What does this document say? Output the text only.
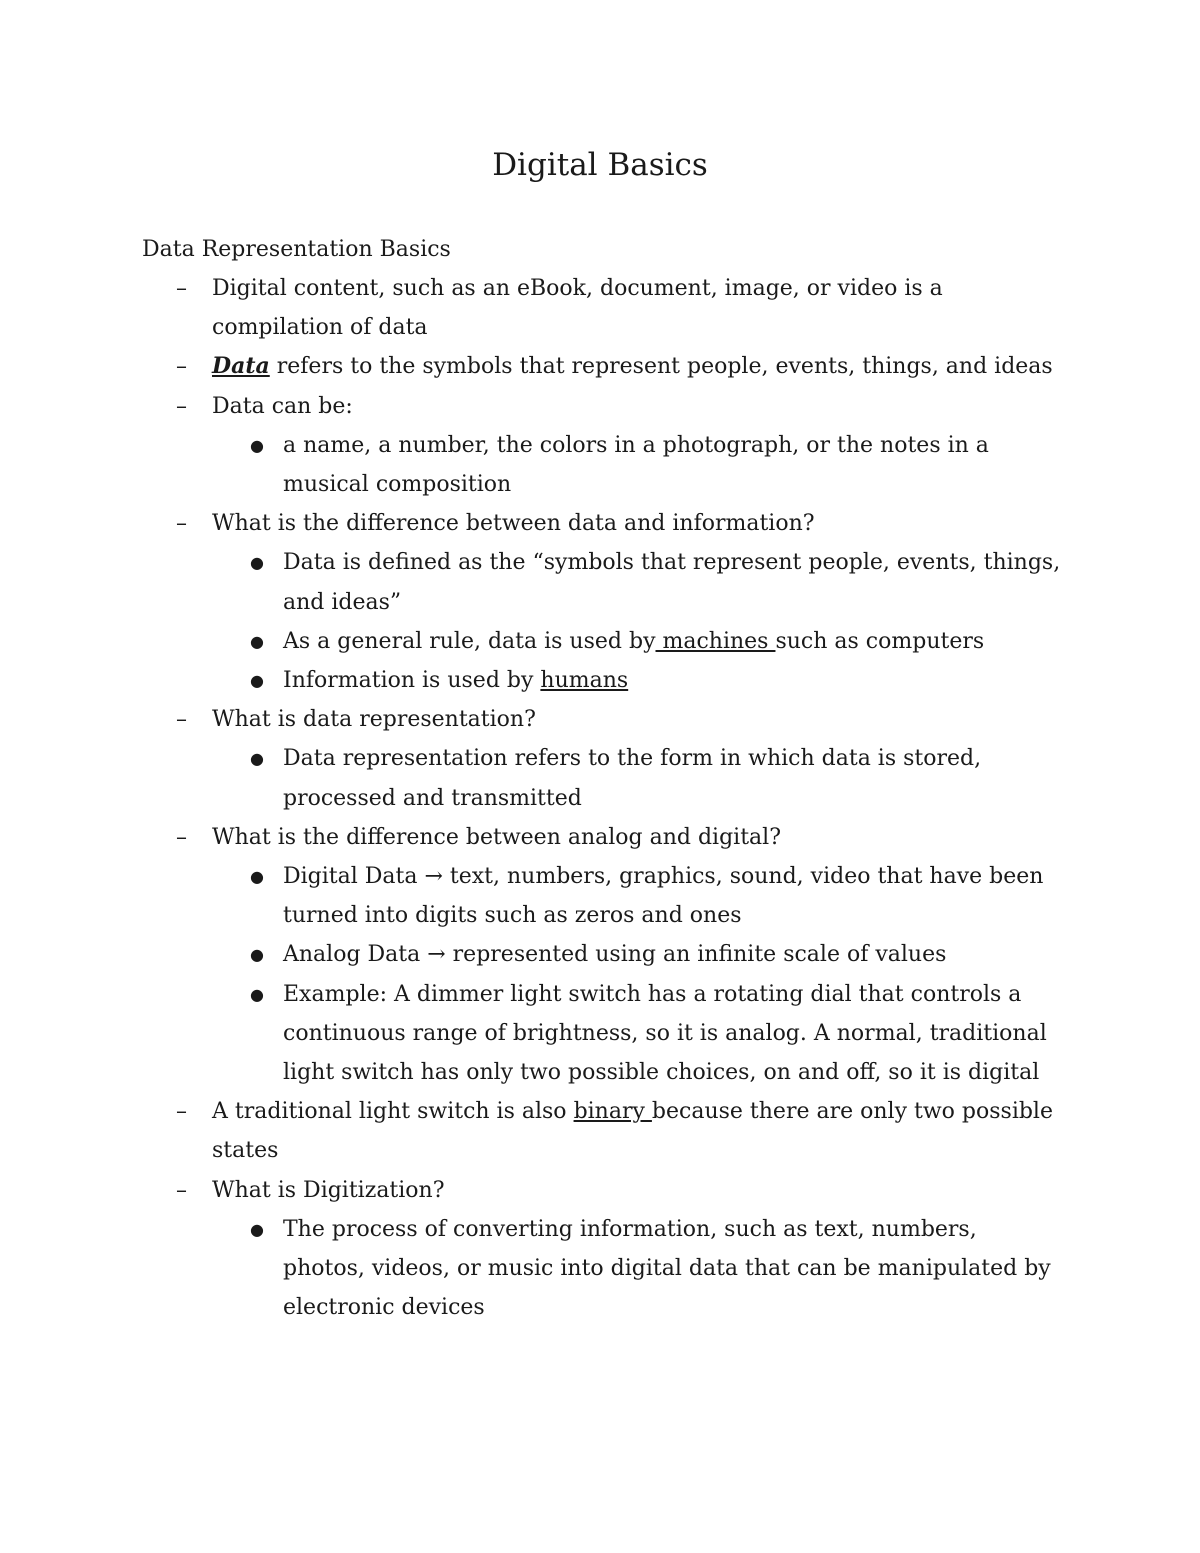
Digital Basics

Data Representation Basics

–	Digital content, such as an eBook, document, image, or video is a compilation of data

–	Data refers to the symbols that represent people, events, things, and ideas

–	Data can be:

● a name, a number, the colors in a photograph, or the notes in a musical composition

–	What is the difference between data and information?

● Data is defined as the “symbols that represent people, events, things, and ideas”

● As a general rule, data is used by machines such as computers

● Information is used by humans

–	What is data representation?

● Data representation refers to the form in which data is stored, processed and transmitted

–	What is the difference between analog and digital?

● Digital Data → text, numbers, graphics, sound, video that have been turned into digits such as zeros and ones

● Analog Data → represented using an infinite scale of values

● Example: A dimmer light switch has a rotating dial that controls a continuous range of brightness, so it is analog. A normal, traditional light switch has only two possible choices, on and off, so it is digital

–	A traditional light switch is also binary because there are only two possible states

–	What is Digitization?

● The process of converting information, such as text, numbers, photos, videos, or music into digital data that can be manipulated by electronic devices
